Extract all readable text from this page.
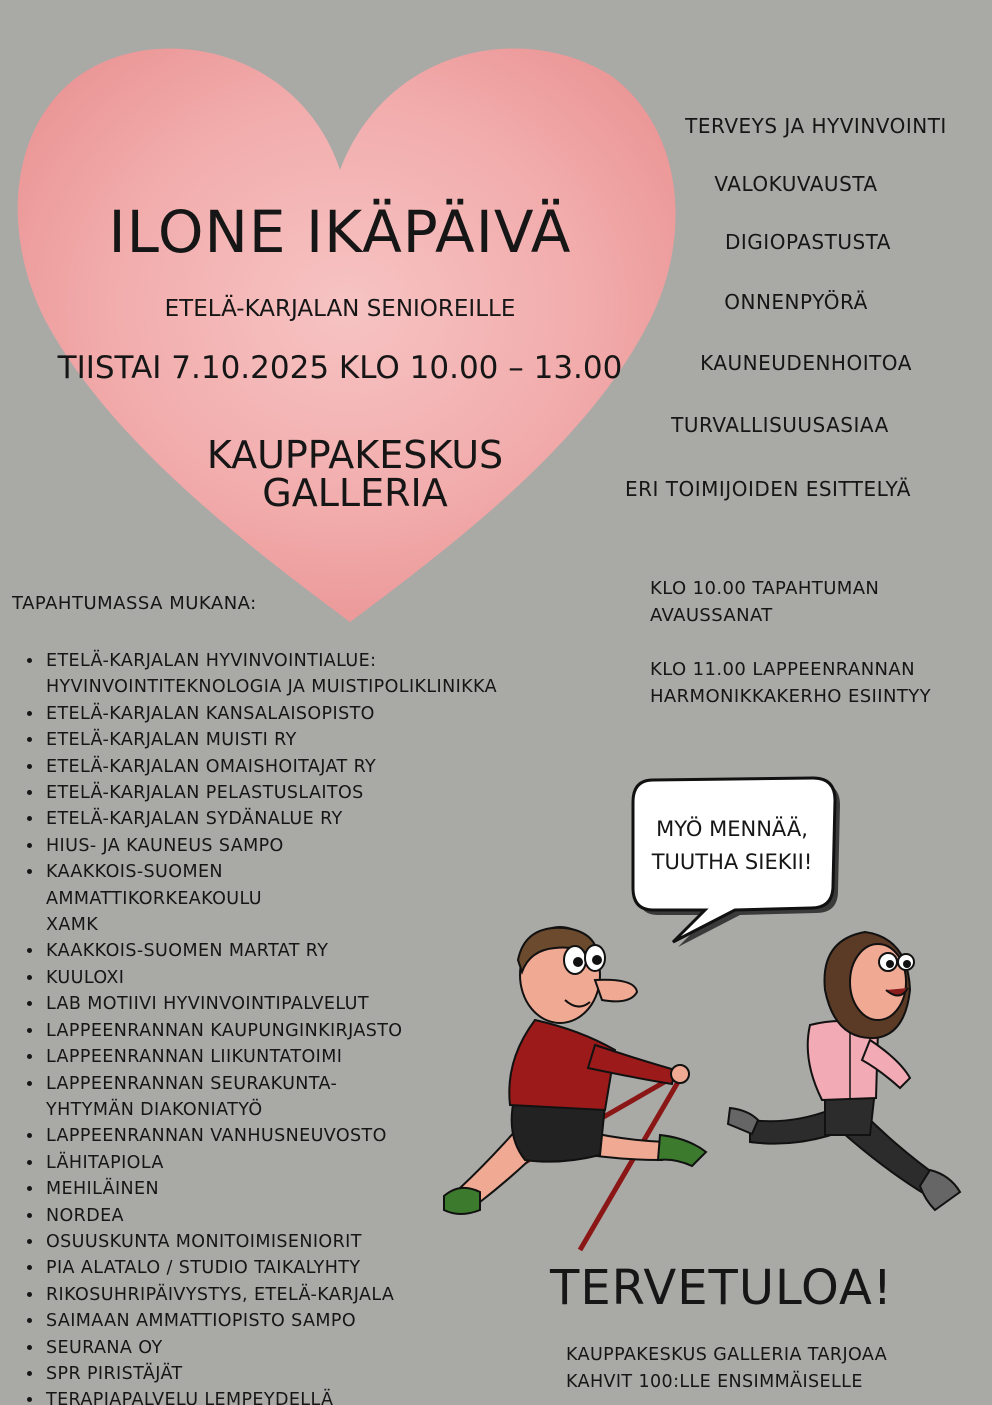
ILONE IKÄPÄIVÄ
ETELÄ-KARJALAN SENIOREILLE
TIISTAI 7.10.2025 KLO 10.00 – 13.00
KAUPPAKESKUS
GALLERIA
TERVEYS JA HYVINVOINTI
VALOKUVAUSTA
DIGIOPASTUSTA
ONNENPYÖRÄ
KAUNEUDENHOITOA
TURVALLISUUSASIAA
ERI TOIMIJOIDEN ESITTELYÄ
TAPAHTUMASSA MUKANA:
• ETELÄ-KARJALAN HYVINVOINTIALUE: HYVINVOINTITEKNOLOGIA JA MUISTIPOLIKLINIKKA
• ETELÄ-KARJALAN KANSALAISOPISTO
• ETELÄ-KARJALAN MUISTI RY
• ETELÄ-KARJALAN OMAISHOITAJAT RY
• ETELÄ-KARJALAN PELASTUSLAITOS
• ETELÄ-KARJALAN SYDÄNALUE RY
• HIUS- JA KAUNEUS SAMPO
• KAAKKOIS-SUOMEN AMMATTIKORKEAKOULU XAMK
• KAAKKOIS-SUOMEN MARTAT RY
• KUULOXI
• LAB MOTIIVI HYVINVOINTIPALVELUT
• LAPPEENRANNAN KAUPUNGINKIRJASTO
• LAPPEENRANNAN LIIKUNTATOIMI
• LAPPEENRANNAN SEURAKUNTA-YHTYMÄN DIAKONIATYÖ
• LAPPEENRANNAN VANHUSNEUVOSTO
• LÄHITAPIOLA
• MEHILÄINEN
• NORDEA
• OSUUSKUNTA MONITOIMISENIORIT
• PIA ALATALO / STUDIO TAIKALYHTY
• RIKOSUHRIPÄIVYSTYS, ETELÄ-KARJALA
• SAIMAAN AMMATTIOPISTO SAMPO
• SEURANA OY
• SPR PIRISTÄJÄT
• TERAPIAPALVELU LEMPEYDELLÄ
KLO 10.00 TAPAHTUMAN AVAUSSANAT
KLO 11.00 LAPPEENRANNAN HARMONIKKAKERHO ESIINTYY
MYÖ MENNÄÄ,
TUUTHA SIEKII!
TERVETULOA!
KAUPPAKESKUS GALLERIA TARJOAA KAHVIT 100:LLE ENSIMMÄISELLE
